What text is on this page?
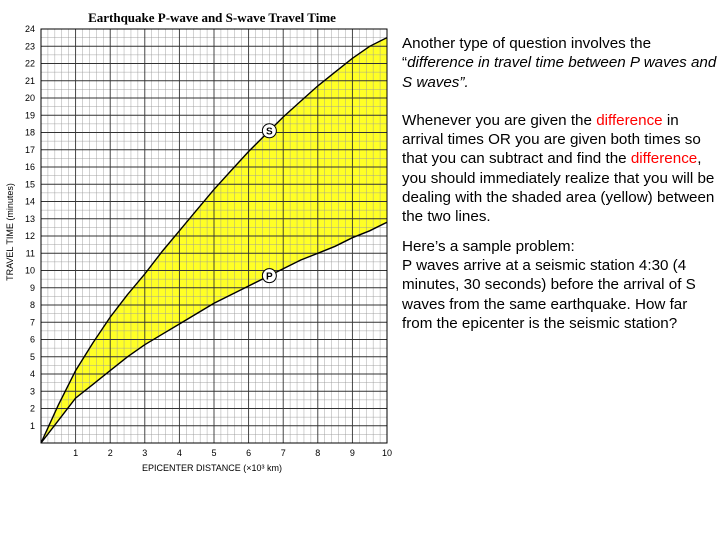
Earthquake P-wave and S-wave Travel Time
1	2	3	4	5	6	7	8	9	10
1
2
3
4
5
6
7
8
9
10
11
12
13
14
15
16
17
18
19
20
21
22
23
24
EPICENTER DISTANCE (×10³ km)
TRAVEL TIME (minutes)
S
P

Another type of question involves the “difference in travel time between P waves and S waves”.

Whenever you are given the difference in arrival times OR you are given both times so that you can subtract and find the difference, you should immediately realize that you will be dealing with the shaded area (yellow) between the two lines.

Here’s a sample problem:

P waves arrive at a seismic station 4:30 (4 minutes, 30 seconds) before the arrival of S waves from the same earthquake. How far from the epicenter is the seismic station?
